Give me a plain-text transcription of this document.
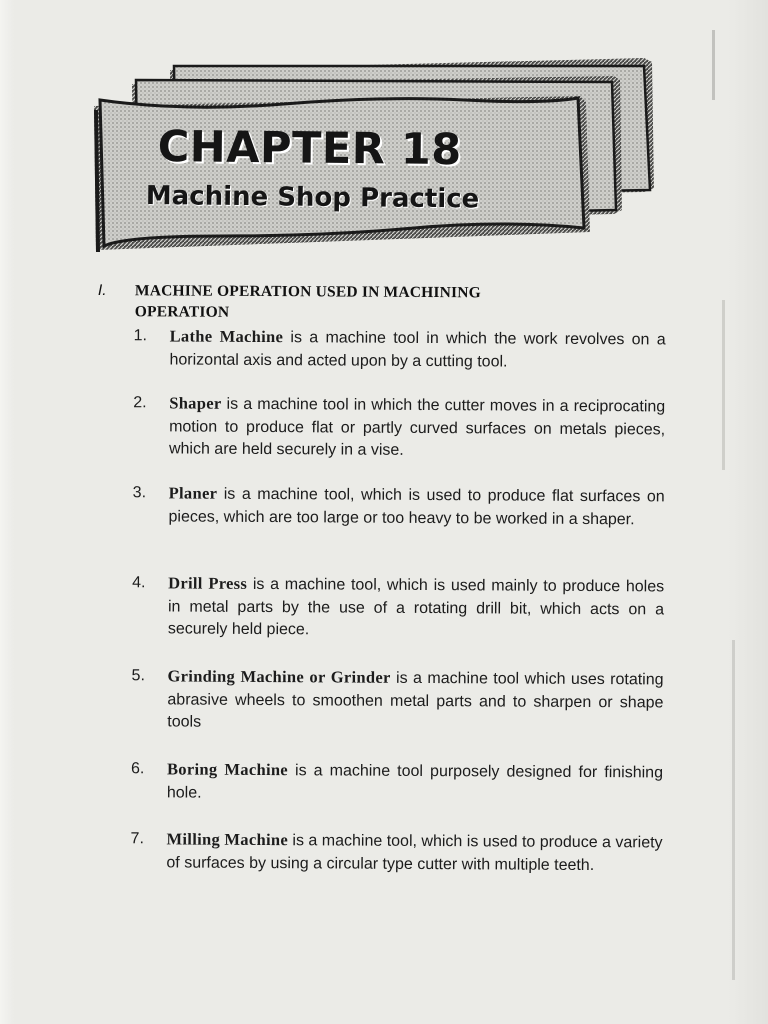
CHAPTER 18
Machine Shop Practice
I. MACHINE OPERATION USED IN MACHINING OPERATION
1. Lathe Machine is a machine tool in which the work revolves on a horizontal axis and acted upon by a cutting tool.
2. Shaper is a machine tool in which the cutter moves in a reciprocating motion to produce flat or partly curved surfaces on metals pieces, which are held securely in a vise.
3. Planer is a machine tool, which is used to produce flat surfaces on pieces, which are too large or too heavy to be worked in a shaper.
4. Drill Press is a machine tool, which is used mainly to produce holes in metal parts by the use of a rotating drill bit, which acts on a securely held piece.
5. Grinding Machine or Grinder is a machine tool which uses rotating abrasive wheels to smoothen metal parts and to sharpen or shape tools
6. Boring Machine is a machine tool purposely designed for finishing hole.
7. Milling Machine is a machine tool, which is used to produce a variety of surfaces by using a circular type cutter with multiple teeth.
